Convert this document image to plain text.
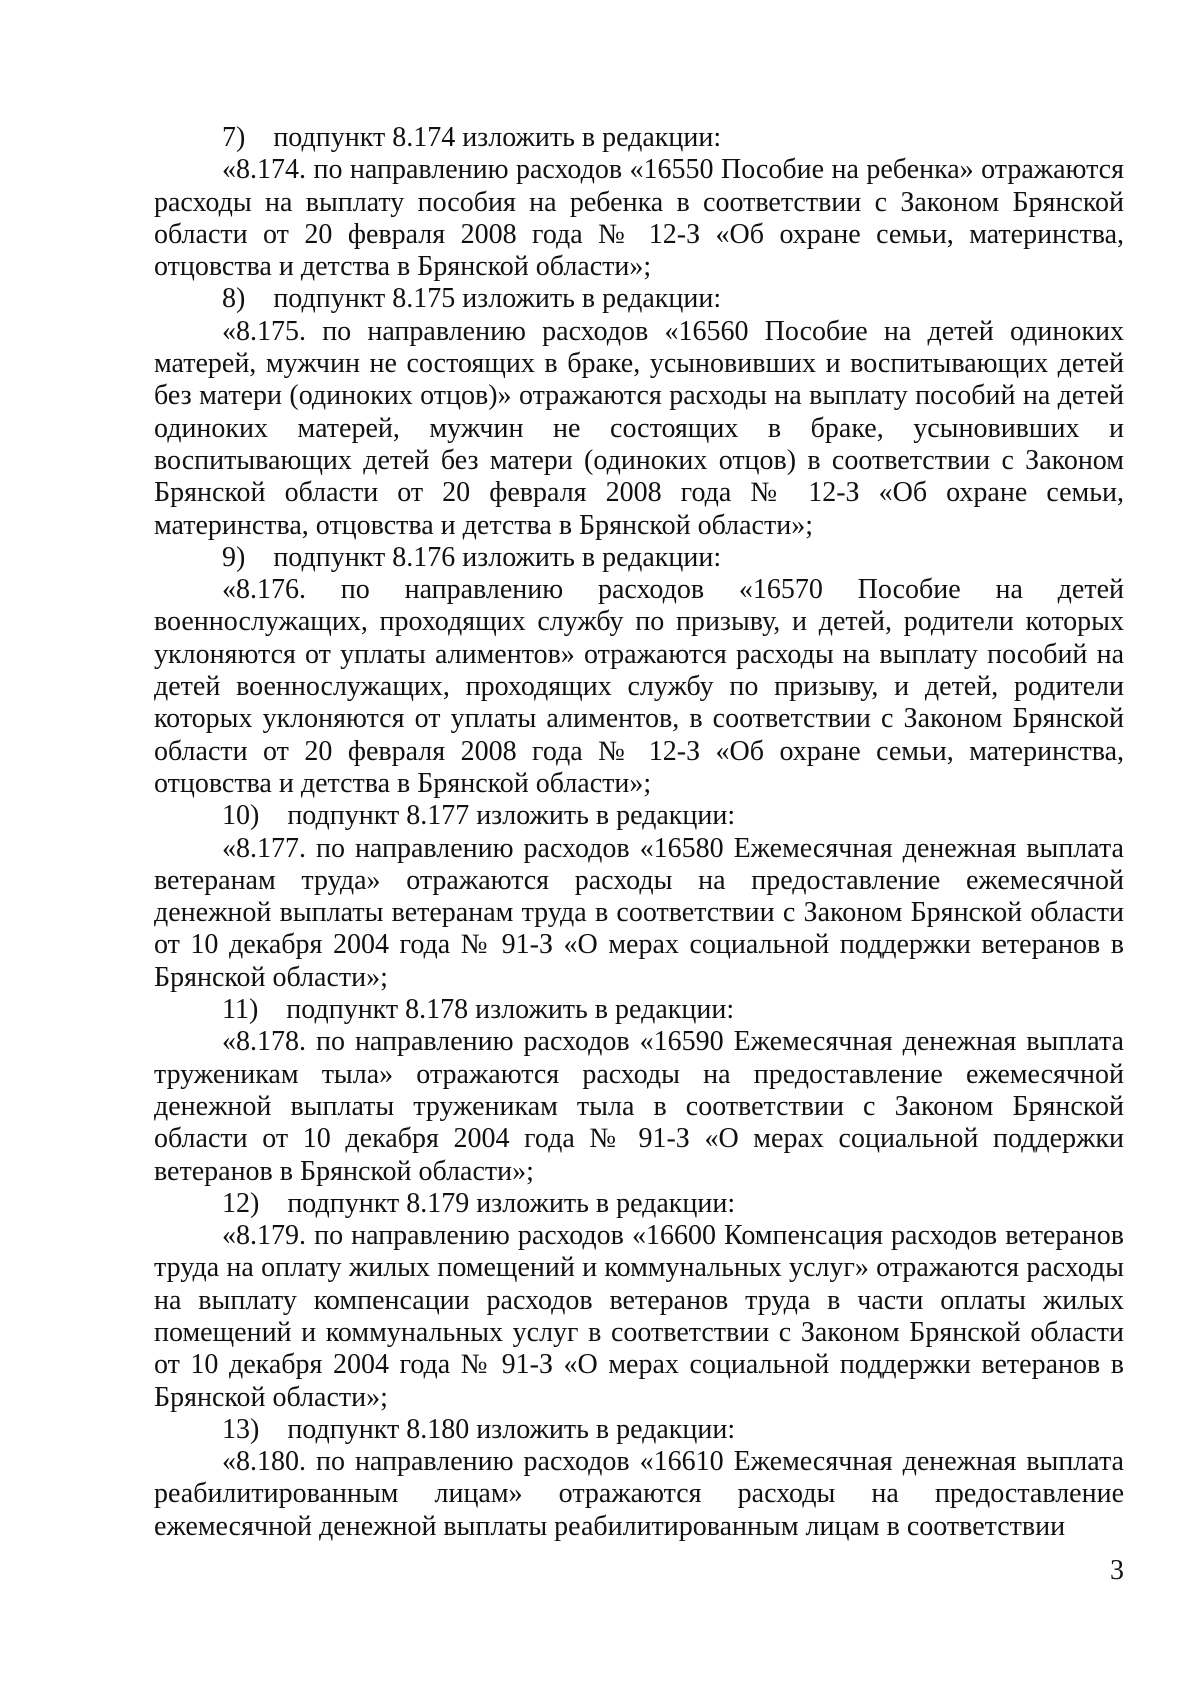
7) подпункт 8.174 изложить в редакции:

«8.174. по направлению расходов «16550 Пособие на ребенка» отражаются расходы на выплату пособия на ребенка в соответствии с Законом Брянской области от 20 февраля 2008 года № 12-З «Об охране семьи, материнства, отцовства и детства в Брянской области»;

8) подпункт 8.175 изложить в редакции:

«8.175. по направлению расходов «16560 Пособие на детей одиноких матерей, мужчин не состоящих в браке, усыновивших и воспитывающих детей без матери (одиноких отцов)» отражаются расходы на выплату пособий на детей одиноких матерей, мужчин не состоящих в браке, усыновивших и воспитывающих детей без матери (одиноких отцов) в соответствии с Законом Брянской области от 20 февраля 2008 года № 12-З «Об охране семьи, материнства, отцовства и детства в Брянской области»;

9) подпункт 8.176 изложить в редакции:

«8.176. по направлению расходов «16570 Пособие на детей военнослужащих, проходящих службу по призыву, и детей, родители которых уклоняются от уплаты алиментов» отражаются расходы на выплату пособий на детей военнослужащих, проходящих службу по призыву, и детей, родители которых уклоняются от уплаты алиментов, в соответствии с Законом Брянской области от 20 февраля 2008 года № 12-З «Об охране семьи, материнства, отцовства и детства в Брянской области»;

10) подпункт 8.177 изложить в редакции:

«8.177. по направлению расходов «16580 Ежемесячная денежная выплата ветеранам труда» отражаются расходы на предоставление ежемесячной денежной выплаты ветеранам труда в соответствии с Законом Брянской области от 10 декабря 2004 года № 91-З «О мерах социальной поддержки ветеранов в Брянской области»;

11) подпункт 8.178 изложить в редакции:

«8.178. по направлению расходов «16590 Ежемесячная денежная выплата труженикам тыла» отражаются расходы на предоставление ежемесячной денежной выплаты труженикам тыла в соответствии с Законом Брянской области от 10 декабря 2004 года № 91-З «О мерах социальной поддержки ветеранов в Брянской области»;

12) подпункт 8.179 изложить в редакции:

«8.179. по направлению расходов «16600 Компенсация расходов ветеранов труда на оплату жилых помещений и коммунальных услуг» отражаются расходы на выплату компенсации расходов ветеранов труда в части оплаты жилых помещений и коммунальных услуг в соответствии с Законом Брянской области от 10 декабря 2004 года № 91-З «О мерах социальной поддержки ветеранов в Брянской области»;

13) подпункт 8.180 изложить в редакции:

«8.180. по направлению расходов «16610 Ежемесячная денежная выплата реабилитированным лицам» отражаются расходы на предоставление ежемесячной денежной выплаты реабилитированным лицам в соответствии

3
